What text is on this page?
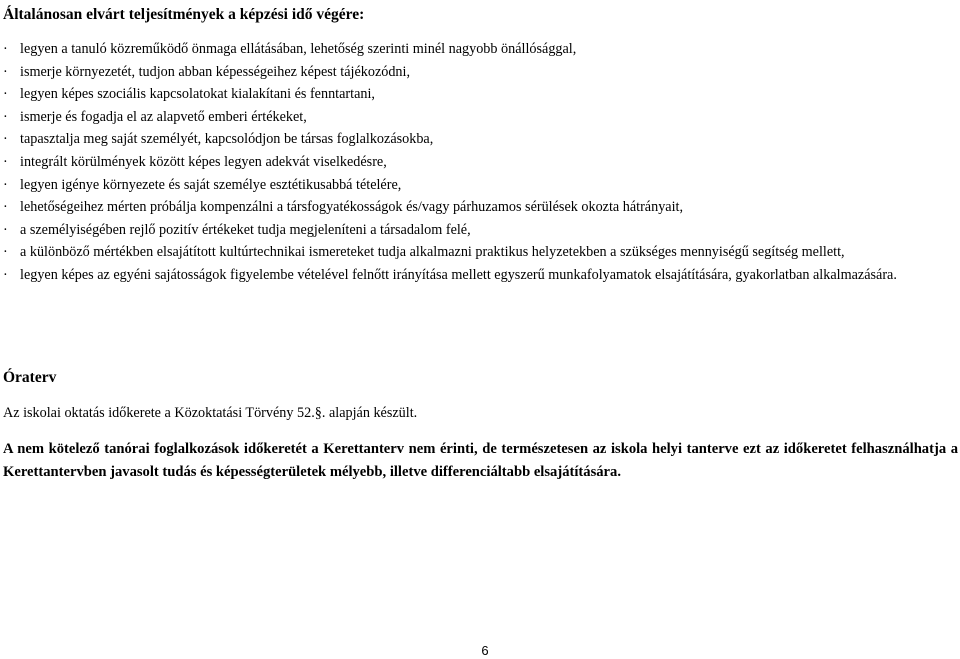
Általánosan elvárt teljesítmények a képzési idő végére:

· legyen a tanuló közreműködő önmaga ellátásában, lehetőség szerinti minél nagyobb önállósággal,

· ismerje környezetét, tudjon abban képességeihez képest tájékozódni,

· legyen képes szociális kapcsolatokat kialakítani és fenntartani,

· ismerje és fogadja el az alapvető emberi értékeket,

· tapasztalja meg saját személyét, kapcsolódjon be társas foglalkozásokba,

· integrált körülmények között képes legyen adekvát viselkedésre,

· legyen igénye környezete és saját személye esztétikusabbá tételére,

· lehetőségeihez mérten próbálja kompenzálni a társfogyatékosságok és/vagy párhuzamos sérülések okozta hátrányait,

· a személyiségében rejlő pozitív értékeket tudja megjeleníteni a társadalom felé,

· a különböző mértékben elsajátított kultúrtechnikai ismereteket tudja alkalmazni praktikus helyzetekben a szükséges mennyiségű segítség mellett,

· legyen képes az egyéni sajátosságok figyelembe vételével felnőtt irányítása mellett egyszerű munkafolyamatok elsajátítására, gyakorlatban alkalmazására.

Óraterv
Az iskolai oktatás időkerete a Közoktatási Törvény 52.§. alapján készült.
A nem kötelező tanórai foglalkozások időkeretét a Kerettanterv nem érinti, de természetesen az iskola helyi tanterve ezt az időkeretet felhasználhatja a Kerettantervben javasolt tudás és képességterületek mélyebb, illetve differenciáltabb elsajátítására.
6
